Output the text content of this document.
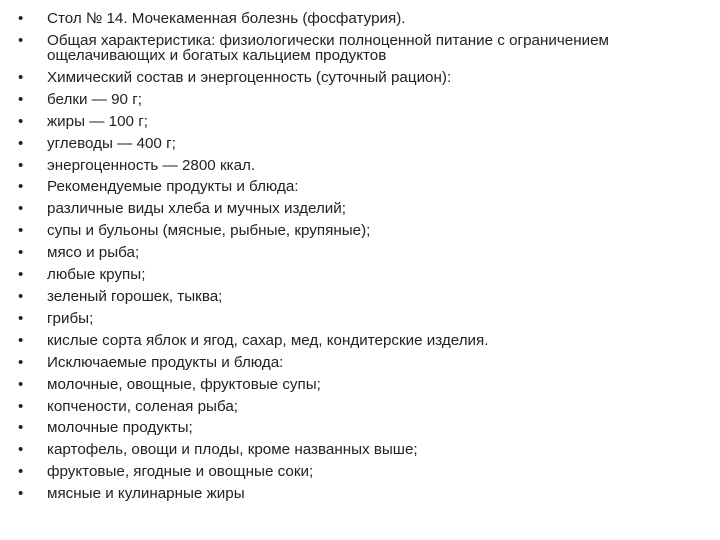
• Стол № 14. Мочекаменная болезнь (фосфатурия).
• Общая характеристика: физиологически полноценной питание с ограничением ощелачивающих и богатых кальцием продуктов
• Химический состав и энергоценность (суточный рацион):
• белки — 90 г;
• жиры — 100 г;
• углеводы — 400 г;
• энергоценность — 2800 ккал.
• Рекомендуемые продукты и блюда:
• различные виды хлеба и мучных изделий;
• супы и бульоны (мясные, рыбные, крупяные);
• мясо и рыба;
• любые крупы;
• зеленый горошек, тыква;
• грибы;
• кислые сорта яблок и ягод, сахар, мед, кондитерские изделия.
• Исключаемые продукты и блюда:
• молочные, овощные, фруктовые супы;
• копчености, соленая рыба;
• молочные продукты;
• картофель, овощи и плоды, кроме названных выше;
• фруктовые, ягодные и овощные соки;
• мясные и кулинарные жиры
